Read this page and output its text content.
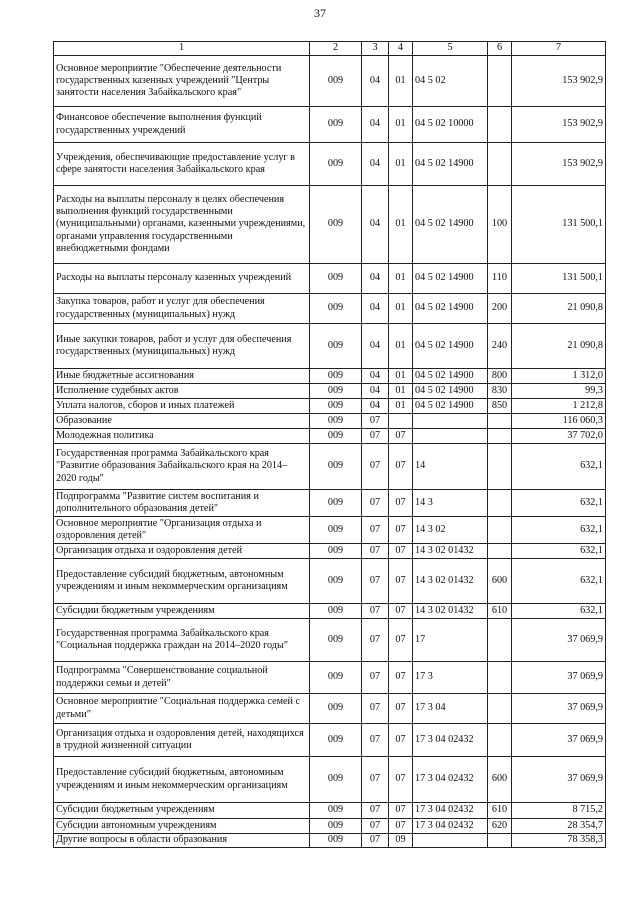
37
1	2	3	4	5	6	7
Основное мероприятие "Обеспечение деятельности государственных казенных учреждений "Центры занятости населения Забайкальского края"	009	04	01	04 5 02		153 902,9
Финансовое обеспечение выполнения функций государственных учреждений	009	04	01	04 5 02 10000		153 902,9
Учреждения, обеспечивающие предоставление услуг в сфере занятости населения Забайкальского края	009	04	01	04 5 02 14900		153 902,9
Расходы на выплаты персоналу в целях обеспечения выполнения функций государственными (муниципальными) органами, казенными учреждениями, органами управления государственными внебюджетными фондами	009	04	01	04 5 02 14900	100	131 500,1
Расходы на выплаты персоналу казенных учреждений	009	04	01	04 5 02 14900	110	131 500,1
Закупка товаров, работ и услуг для обеспечения государственных (муниципальных) нужд	009	04	01	04 5 02 14900	200	21 090,8
Иные закупки товаров, работ и услуг для обеспечения государственных (муниципальных) нужд	009	04	01	04 5 02 14900	240	21 090,8
Иные бюджетные ассигнования	009	04	01	04 5 02 14900	800	1 312,0
Исполнение судебных актов	009	04	01	04 5 02 14900	830	99,3
Уплата налогов, сборов и иных платежей	009	04	01	04 5 02 14900	850	1 212,8
Образование	009	07				116 060,3
Молодежная политика	009	07	07			37 702,0
Государственная программа Забайкальского края "Развитие образования Забайкальского края на 2014–2020 годы"	009	07	07	14		632,1
Подпрограмма "Развитие систем воспитания и дополнительного образования детей"	009	07	07	14 3		632,1
Основное мероприятие "Организация отдыха и оздоровления детей"	009	07	07	14 3 02		632,1
Организация отдыха и оздоровления детей	009	07	07	14 3 02 01432		632,1
Предоставление субсидий бюджетным, автономным учреждениям и иным некоммерческим организациям	009	07	07	14 3 02 01432	600	632,1
Субсидии бюджетным учреждениям	009	07	07	14 3 02 01432	610	632,1
Государственная программа Забайкальского края "Социальная поддержка граждан на 2014–2020 годы"	009	07	07	17		37 069,9
Подпрограмма "Совершенствование социальной поддержки семьи и детей"	009	07	07	17 3		37 069,9
Основное мероприятие "Социальная поддержка семей с детьми"	009	07	07	17 3 04		37 069,9
Организация отдыха и оздоровления детей, находящихся в трудной жизненной ситуации	009	07	07	17 3 04 02432		37 069,9
Предоставление субсидий бюджетным, автономным учреждениям и иным некоммерческим организациям	009	07	07	17 3 04 02432	600	37 069,9
Субсидии бюджетным учреждениям	009	07	07	17 3 04 02432	610	8 715,2
Субсидии автономным учреждениям	009	07	07	17 3 04 02432	620	28 354,7
Другие вопросы в области образования	009	07	09			78 358,3
